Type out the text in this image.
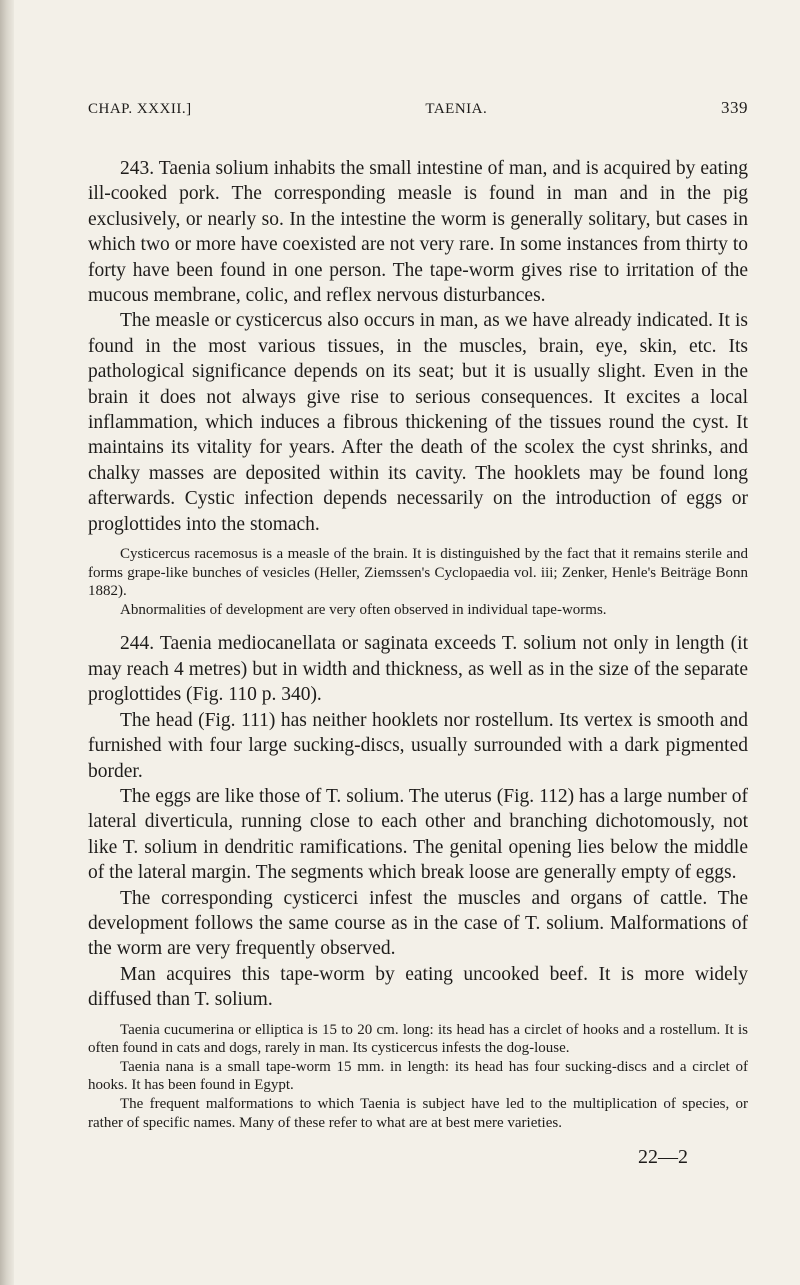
CHAP. XXXII.]	TAENIA.	339

243. Taenia solium inhabits the small intestine of man, and is acquired by eating ill-cooked pork. The corresponding measle is found in man and in the pig exclusively, or nearly so. In the intestine the worm is generally solitary, but cases in which two or more have coexisted are not very rare. In some instances from thirty to forty have been found in one person. The tape-worm gives rise to irritation of the mucous membrane, colic, and reflex nervous disturbances.

The measle or cysticercus also occurs in man, as we have already indicated. It is found in the most various tissues, in the muscles, brain, eye, skin, etc. Its pathological significance depends on its seat; but it is usually slight. Even in the brain it does not always give rise to serious consequences. It excites a local inflammation, which induces a fibrous thickening of the tissues round the cyst. It maintains its vitality for years. After the death of the scolex the cyst shrinks, and chalky masses are deposited within its cavity. The hooklets may be found long afterwards. Cystic infection depends necessarily on the introduction of eggs or proglottides into the stomach.

Cysticercus racemosus is a measle of the brain. It is distinguished by the fact that it remains sterile and forms grape-like bunches of vesicles (Heller, Ziemssen's Cyclopaedia vol. iii; Zenker, Henle's Beiträge Bonn 1882).

Abnormalities of development are very often observed in individual tape-worms.

244. Taenia mediocanellata or saginata exceeds T. solium not only in length (it may reach 4 metres) but in width and thickness, as well as in the size of the separate proglottides (Fig. 110 p. 340).

The head (Fig. 111) has neither hooklets nor rostellum. Its vertex is smooth and furnished with four large sucking-discs, usually surrounded with a dark pigmented border.

The eggs are like those of T. solium. The uterus (Fig. 112) has a large number of lateral diverticula, running close to each other and branching dichotomously, not like T. solium in dendritic ramifications. The genital opening lies below the middle of the lateral margin. The segments which break loose are generally empty of eggs.

The corresponding cysticerci infest the muscles and organs of cattle. The development follows the same course as in the case of T. solium. Malformations of the worm are very frequently observed.

Man acquires this tape-worm by eating uncooked beef. It is more widely diffused than T. solium.

Taenia cucumerina or elliptica is 15 to 20 cm. long: its head has a circlet of hooks and a rostellum. It is often found in cats and dogs, rarely in man. Its cysticercus infests the dog-louse.

Taenia nana is a small tape-worm 15 mm. in length: its head has four sucking-discs and a circlet of hooks. It has been found in Egypt.

The frequent malformations to which Taenia is subject have led to the multiplication of species, or rather of specific names. Many of these refer to what are at best mere varieties.

22—2
